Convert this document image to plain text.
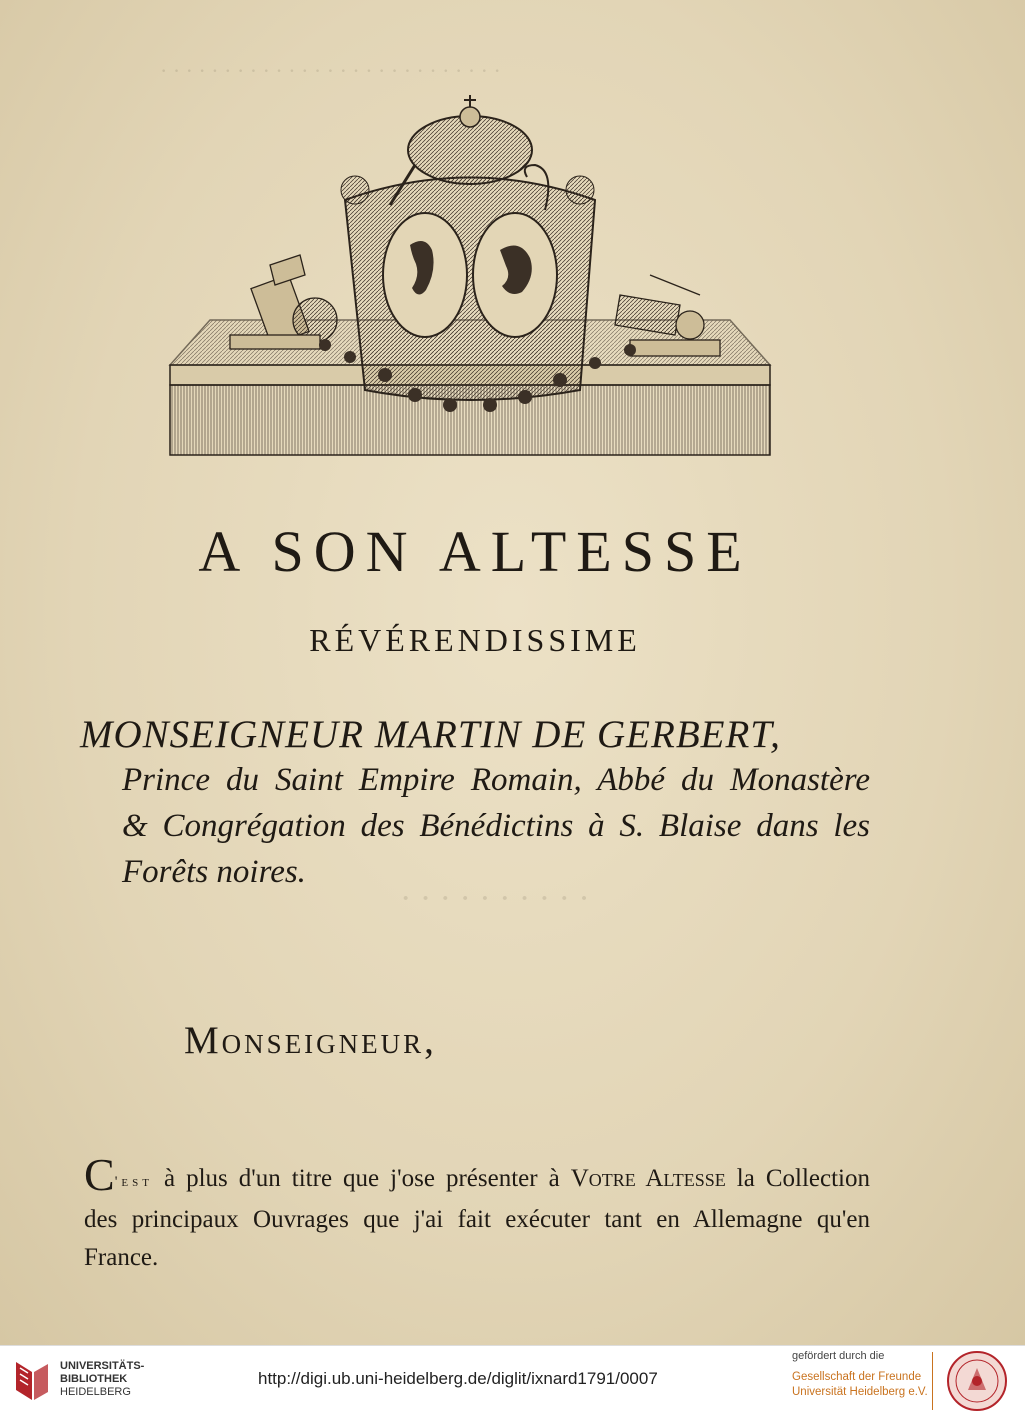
· · · · · · · · · · · · · · · · · · · · · · · · · · ·
· · · · · · · · · ·
A SON ALTESSE
RÉVÉRENDISSIME
MONSEIGNEUR MARTIN DE GERBERT,
Prince du Saint Empire Romain, Abbé du Monastère
& Congrégation des Bénédictins à S. Blaise dans les
Forêts noires.
Monseigneur,
C'est à plus d'un titre que j'ose présenter à Votre Altesse la Collection
des principaux Ouvrages que j'ai fait exécuter tant en Allemagne qu'en
France.
UNIVERSITÄTS-
BIBLIOTHEK
HEIDELBERG
http://digi.ub.uni-heidelberg.de/diglit/ixnard1791/0007
gefördert durch die
Gesellschaft der Freunde
Universität Heidelberg e.V.
